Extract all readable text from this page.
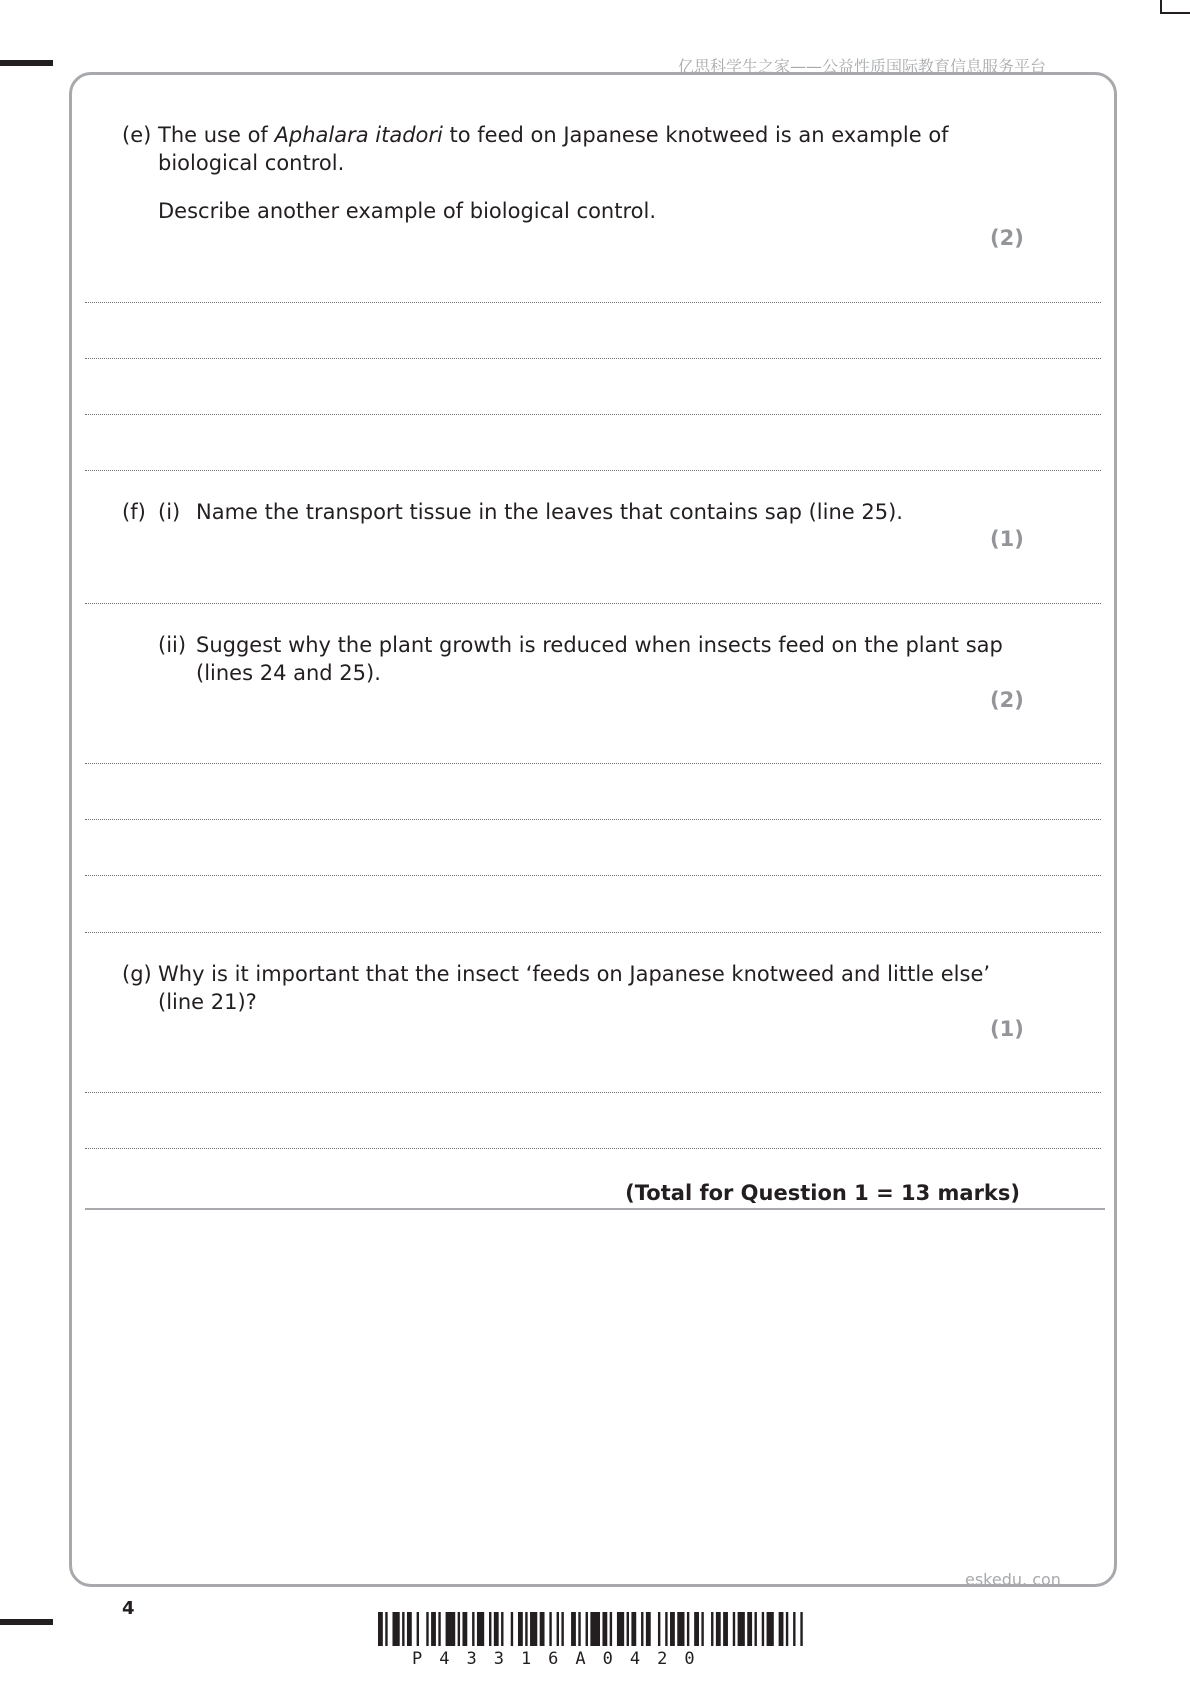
亿思科学生之家——公益性质国际教育信息服务平台
(e) The use of Aphalara itadori to feed on Japanese knotweed is an example of
biological control.
Describe another example of biological control.
(2)
(f) (i) Name the transport tissue in the leaves that contains sap (line 25).
(1)
(ii) Suggest why the plant growth is reduced when insects feed on the plant sap
(lines 24 and 25).
(2)
(g) Why is it important that the insect ‘feeds on Japanese knotweed and little else’
(line 21)?
(1)
(Total for Question 1 = 13 marks)
eskedu. con
4
P43316A0420
